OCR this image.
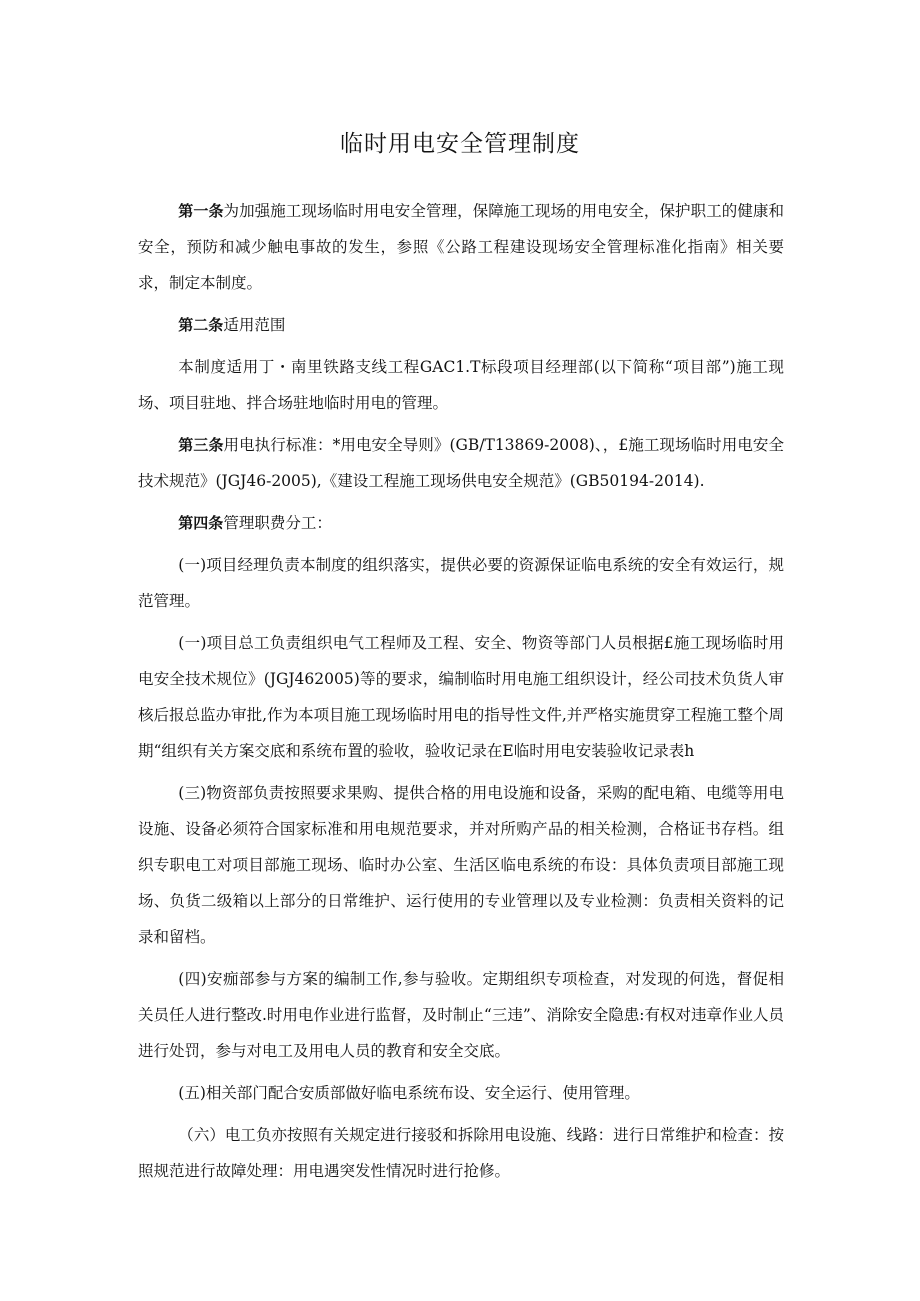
临时用电安全管理制度

第一条为加强施工现场临时用电安全管理，保障施工现场的用电安全，保护职工的健康和安全，预防和减少触电事故的发生，参照《公路工程建设现场安全管理标准化指南》相关要求，制定本制度。

第二条适用范围

本制度适用丁・南里铁路支线工程GAC1.T标段项目经理部(以下简称“项目部”)施工现场、项目驻地、拌合场驻地临时用电的管理。

第三条用电执行标准：*用电安全导则》(GB/T13869-2008)、，£施工现场临时用电安全技术规范》(JGJ46-2005),《建设工程施工现场供电安全规范》(GB50194-2014).

第四条管理职费分工：

(一)项目经理负责本制度的组织落实，提供必要的资源保证临电系统的安全有效运行，规范管理。

(一)项目总工负责组织电气工程师及工程、安全、物资等部门人员根据£施工现场临时用电安全技术规位》(JGJ462005)等的要求，编制临时用电施工组织设计，经公司技术负货人审核后报总监办审批,作为本项目施工现场临时用电的指导性文件,并严格实施贯穿工程施工整个周期“组织有关方案交底和系统布置的验收，验收记录在E临时用电安装验收记录表h

(三)物资部负责按照要求果购、提供合格的用电设施和设备，采购的配电箱、电缆等用电设施、设备必须符合国家标准和用电规范要求，并对所购产品的相关检测，合格证书存档。组织专职电工对项目部施工现场、临时办公室、生活区临电系统的布设：具体负责项目部施工现场、负货二级箱以上部分的日常维护、运行使用的专业管理以及专业检测：负责相关资料的记录和留档。

(四)安痂部参与方案的编制工作,参与验收。定期组织专项检查，对发现的何选，督促相关员任人进行整改.时用电作业进行监督，及时制止“三违”、消除安全隐患:有权对违章作业人员进行处罚，参与对电工及用电人员的教育和安全交底。

(五)相关部门配合安质部做好临电系统布设、安全运行、使用管理。

（六）电工负亦按照有关规定进行接驳和拆除用电设施、线路：进行日常维护和检查：按照规范进行故障处理：用电遇突发性情况时进行抢修。
